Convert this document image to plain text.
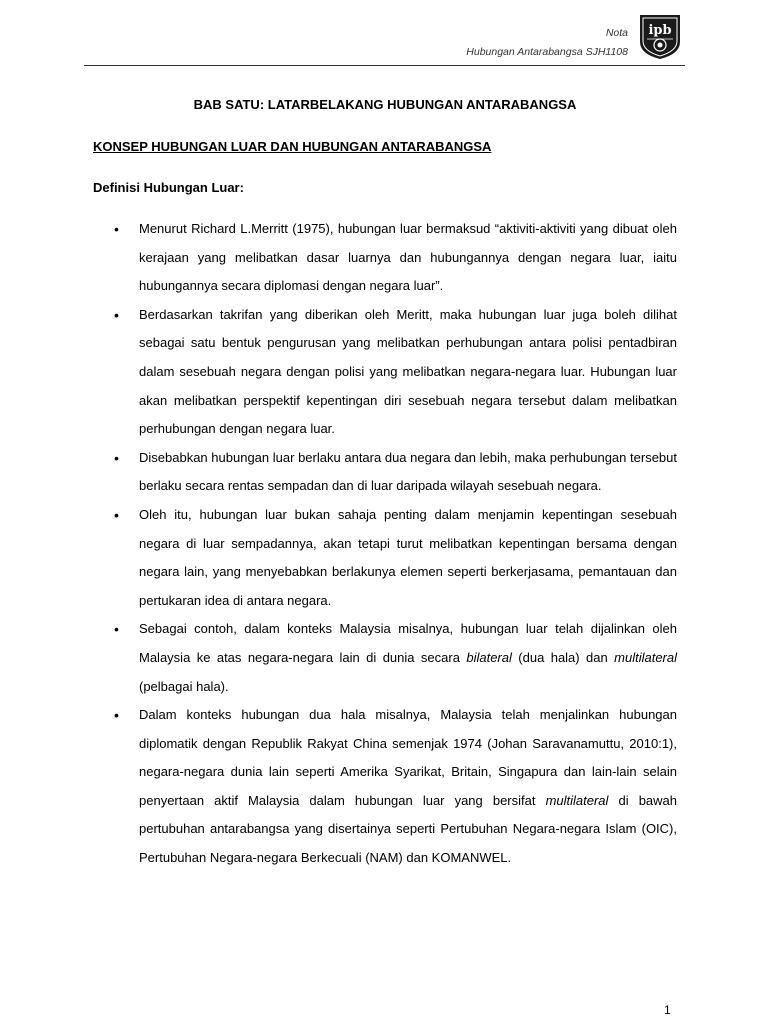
Nota
Hubungan Antarabangsa SJH1108
ipb

BAB SATU: LATARBELAKANG HUBUNGAN ANTARABANGSA

KONSEP HUBUNGAN LUAR DAN HUBUNGAN ANTARABANGSA

Definisi Hubungan Luar:

• Menurut Richard L.Merritt (1975), hubungan luar bermaksud “aktiviti-aktiviti yang dibuat oleh kerajaan yang melibatkan dasar luarnya dan hubungannya dengan negara luar, iaitu hubungannya secara diplomasi dengan negara luar”.

• Berdasarkan takrifan yang diberikan oleh Meritt, maka hubungan luar juga boleh dilihat sebagai satu bentuk pengurusan yang melibatkan perhubungan antara polisi pentadbiran dalam sesebuah negara dengan polisi yang melibatkan negara-negara luar. Hubungan luar akan melibatkan perspektif kepentingan diri sesebuah negara tersebut dalam melibatkan perhubungan dengan negara luar.

• Disebabkan hubungan luar berlaku antara dua negara dan lebih, maka perhubungan tersebut berlaku secara rentas sempadan dan di luar daripada wilayah sesebuah negara.

• Oleh itu, hubungan luar bukan sahaja penting dalam menjamin kepentingan sesebuah negara di luar sempadannya, akan tetapi turut melibatkan kepentingan bersama dengan negara lain, yang menyebabkan berlakunya elemen seperti berkerjasama, pemantauan dan pertukaran idea di antara negara.

• Sebagai contoh, dalam konteks Malaysia misalnya, hubungan luar telah dijalinkan oleh Malaysia ke atas negara-negara lain di dunia secara bilateral (dua hala) dan multilateral (pelbagai hala).

• Dalam konteks hubungan dua hala misalnya, Malaysia telah menjalinkan hubungan diplomatik dengan Republik Rakyat China semenjak 1974 (Johan Saravanamuttu, 2010:1), negara-negara dunia lain seperti Amerika Syarikat, Britain, Singapura dan lain-lain selain penyertaan aktif Malaysia dalam hubungan luar yang bersifat multilateral di bawah pertubuhan antarabangsa yang disertainya seperti Pertubuhan Negara-negara Islam (OIC), Pertubuhan Negara-negara Berkecuali (NAM) dan KOMANWEL.

1
